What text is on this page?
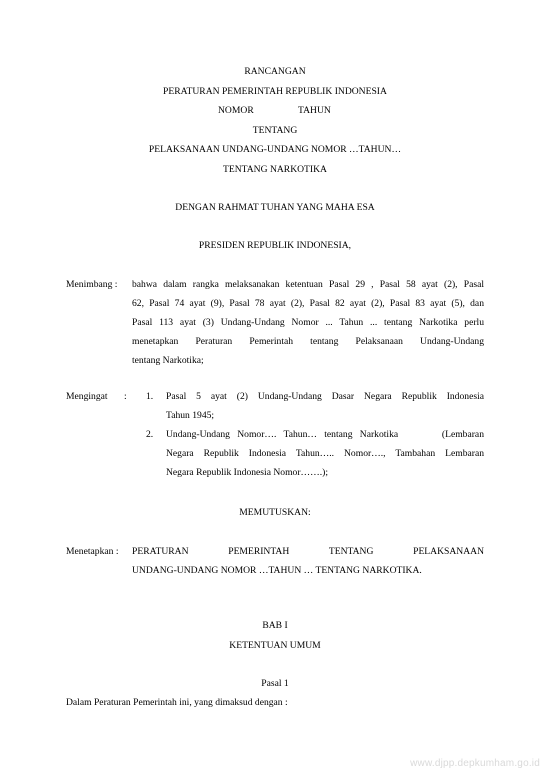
RANCANGAN
PERATURAN PEMERINTAH REPUBLIK INDONESIA
NOMOR	TAHUN
TENTANG
PELAKSANAAN UNDANG-UNDANG NOMOR …TAHUN…
TENTANG NARKOTIKA
DENGAN RAHMAT TUHAN YANG MAHA ESA
PRESIDEN REPUBLIK INDONESIA,
Menimbang : bahwa dalam rangka melaksanakan ketentuan Pasal 29 , Pasal 58 ayat (2), Pasal
62, Pasal 74 ayat (9), Pasal 78 ayat (2), Pasal 82 ayat (2), Pasal 83 ayat (5), dan
Pasal 113 ayat (3) Undang-Undang Nomor ... Tahun ... tentang Narkotika perlu
menetapkan Peraturan Pemerintah tentang Pelaksanaan Undang-Undang
tentang Narkotika;
Mengingat : 1. Pasal 5 ayat (2) Undang-Undang Dasar Negara Republik Indonesia
Tahun 1945;
2. Undang-Undang Nomor…. Tahun… tentang Narkotika      (Lembaran
Negara Republik Indonesia Tahun….. Nomor…., Tambahan Lembaran
Negara Republik Indonesia Nomor…….);
MEMUTUSKAN:
Menetapkan : PERATURAN       PEMERINTAH       TENTANG       PELAKSANAAN
UNDANG-UNDANG NOMOR …TAHUN … TENTANG NARKOTIKA.
BAB I
KETENTUAN UMUM
Pasal 1
Dalam Peraturan Pemerintah ini, yang dimaksud dengan :
www.djpp.depkumham.go.id
